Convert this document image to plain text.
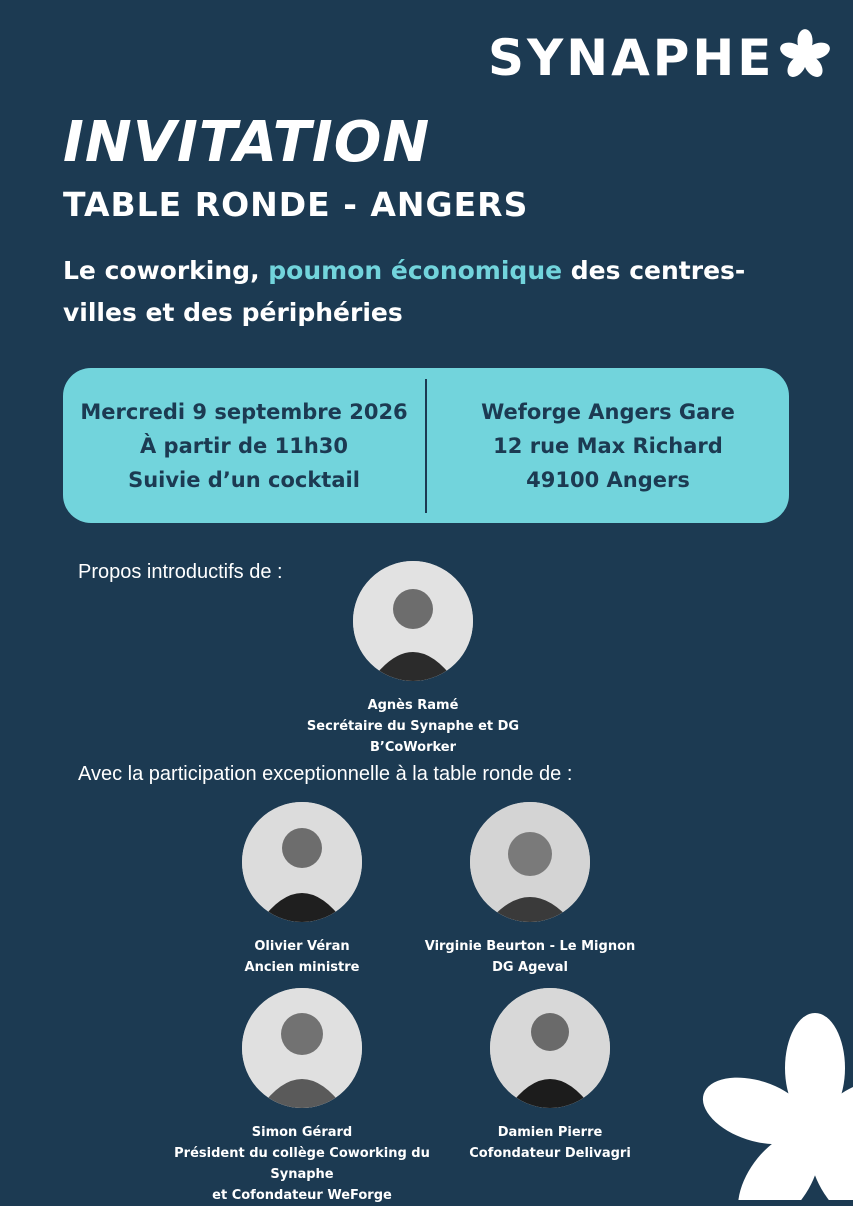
SYNAPHE
INVITATION
TABLE RONDE - ANGERS

Le coworking, poumon économique des centres-villes et des périphéries

Mercredi 9 septembre 2026
À partir de 11h30
Suivie d’un cocktail
Weforge Angers Gare
12 rue Max Richard
49100 Angers

Propos introductifs de :

Agnès Ramé
Secrétaire du Synaphe et DG B’CoWorker

Avec la participation exceptionnelle à la table ronde de :

Olivier Véran
Ancien ministre
Virginie Beurton - Le Mignon
DG Ageval
Simon Gérard
Président du collège Coworking du Synaphe
et Cofondateur WeForge
Damien Pierre
Cofondateur Delivagri
